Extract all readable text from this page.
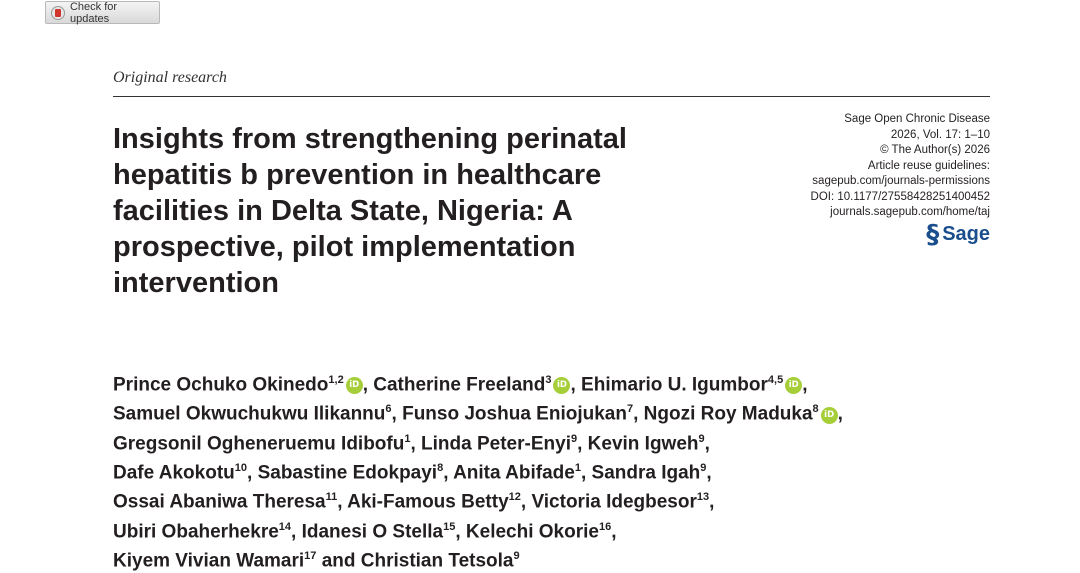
Check for updates
Original research
Insights from strengthening perinatal hepatitis b prevention in healthcare facilities in Delta State, Nigeria: A prospective, pilot implementation intervention
Sage Open Chronic Disease
2026, Vol. 17: 1–10
© The Author(s) 2026
Article reuse guidelines:
sagepub.com/journals-permissions
DOI: 10.1177/27558428251400452
journals.sagepub.com/home/taj
§ Sage
Prince Ochuko Okinedo$^{1,2}$ iD , Catherine Freeland$^3$ iD , Ehimario U. Igumbor$^{4,5}$ iD ,
Samuel Okwuchukwu Ilikannu$^6$, Funso Joshua Eniojukan$^7$, Ngozi Roy Maduka$^8$ iD ,
Gregsonil Ogheneruemu Idibofu$^1$, Linda Peter-Enyi$^9$, Kevin Igweh$^9$,
Dafe Akokotu$^{10}$, Sabastine Edokpayi$^8$, Anita Abifade$^1$, Sandra Igah$^9$,
Ossai Abaniwa Theresa$^{11}$, Aki-Famous Betty$^{12}$, Victoria Idegbesor$^{13}$,
Ubiri Obaherhekre$^{14}$, Idanesi O Stella$^{15}$, Kelechi Okorie$^{16}$,
Kiyem Vivian Wamari$^{17}$ and Christian Tetsola$^9$
